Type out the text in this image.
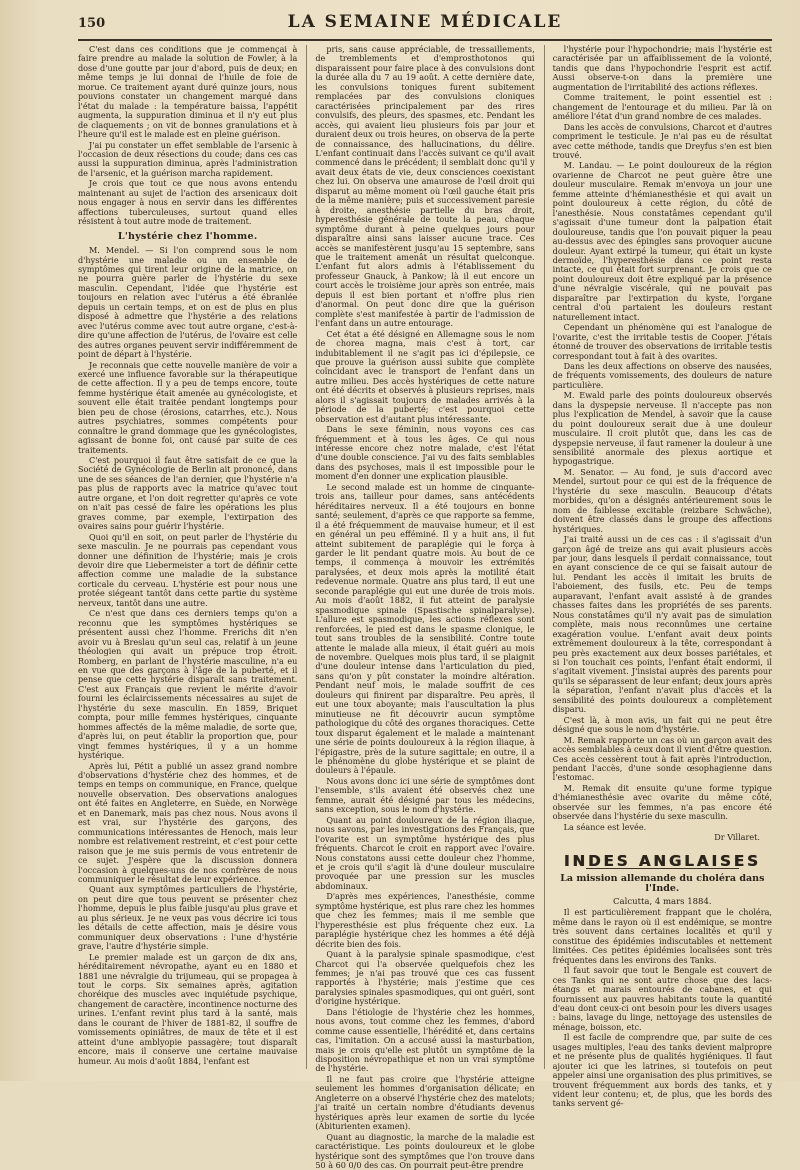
150	LA SEMAINE MÉDICALE

C'est dans ces conditions que je commençai à faire prendre au malade la solution de Fowler, à la dose d'une goutte par jour d'abord, puis de deux; en même temps je lui donnai de l'huile de foie de morue. Ce traitement ayant duré quinze jours, nous pouvions constater un changement marqué dans l'état du malade : la température baissa, l'appétit augmenta, la suppuration diminua et il n'y eut plus de claquements ; on vit de bonnes granulations et à l'heure qu'il est le malade est en pleine guérison.

J'ai pu constater un effet semblable de l'arsenic à l'occasion de deux résections du coude; dans ces cas aussi la suppuration diminua, après l'administration de l'arsenic, et la guérison marcha rapidement.

Je crois que tout ce que nous avons entendu maintenant au sujet de l'action des arsenicaux doit nous engager à nous en servir dans les différentes affections tuberculeuses, surtout quand elles résistent à tout autre mode de traitement.

L'hystérie chez l'homme.

M. Mendel. — Si l'on comprend sous le nom d'hystérie une maladie ou un ensemble de symptômes qui tirent leur origine de la matrice, on ne pourra guère parler de l'hystérie du sexe masculin. Cependant, l'idée que l'hystérie est toujours en relation avec l'utérus a été ébranlée depuis un certain temps, et on est de plus en plus disposé à admettre que l'hystérie a des relations avec l'utérus comme avec tout autre organe, c'est-à-dire qu'une affection de l'utérus, de l'ovaire est celle des autres organes peuvent servir indifféremment de point de départ à l'hystérie.

Je reconnais que cette nouvelle manière de voir a exercé une influence favorable sur la thérapeutique de cette affection. Il y a peu de temps encore, toute femme hystérique était amenée au gynécologiste, et souvent elle était traitée pendant longtemps pour bien peu de chose (érosions, catarrhes, etc.). Nous autres psychiatres, sommes compétents pour connaître le grand dommage que les gynécologistes, agissant de bonne foi, ont causé par suite de ces traitements.

C'est pourquoi il faut être satisfait de ce que la Société de Gynécologie de Berlin ait prononcé, dans une de ses séances de l'an dernier, que l'hystérie n'a pas plus de rapports avec la matrice qu'avec tout autre organe, et l'on doit regretter qu'après ce vote on n'ait pas cessé de faire les opérations les plus graves comme, par exemple, l'extirpation des ovaires sains pour guérir l'hystérie.

Quoi qu'il en soit, on peut parler de l'hystérie du sexe masculin. Je ne pourrais pas cependant vous donner une définition de l'hystérie; mais je crois devoir dire que Liebermeister a tort de définir cette affection comme une maladie de la substance corticale du cerveau. L'hystérie est pour nous une protée siégeant tantôt dans cette partie du système nerveux, tantôt dans une autre.

Ce n'est que dans ces derniers temps qu'on a reconnu que les symptômes hystériques se présentent aussi chez l'homme. Frerichs dit n'en avoir vu à Breslau qu'un seul cas, relatif à un jeune théologien qui avait un prépuce trop étroit. Romberg, en parlant de l'hystérie masculine, n'a eu en vue que des garçons à l'âge de la puberté, et il pense que cette hystérie disparaît sans traitement. C'est aux Français que revient le mérite d'avoir fourni les éclaircissements nécessaires au sujet de l'hystérie du sexe masculin. En 1859, Briquet compta, pour mille femmes hystériques, cinquante hommes affectés de la même maladie, de sorte que, d'après lui, on peut établir la proportion que, pour vingt femmes hystériques, il y a un homme hystérique.

Après lui, Pétit a publié un assez grand nombre d'observations d'hystérie chez des hommes, et de temps en temps on communique, en France, quelque nouvelle observation. Des observations analogues ont été faites en Angleterre, en Suède, en Norwège et en Danemark, mais pas chez nous. Nous avons il est vrai, sur l'hystérie des garçons, des communications intéressantes de Henoch, mais leur nombre est relativement restreint, et c'est pour cette raison que je me suis permis de vous entretenir de ce sujet. J'espère que la discussion donnera l'occasion à quelques-uns de nos confrères de nous communiquer le résultat de leur expérience.

Quant aux symptômes particuliers de l'hystérie, on peut dire que tous peuvent se présenter chez l'homme, depuis le plus faible jusqu'au plus grave et au plus sérieux. Je ne veux pas vous décrire ici tous les détails de cette affection, mais je désire vous communiquer deux observations : l'une d'hystérie grave, l'autre d'hystérie simple.

Le premier malade est un garçon de dix ans, héréditairement névropathe, ayant eu en 1880 et 1881 une névralgie du trijumeau, qui se propagea à tout le corps. Six semaines après, agitation choréique des muscles avec inquiétude psychique, changement de caractère, incontinence nocturne des urines. L'enfant revint plus tard à la santé, mais dans le courant de l'hiver de 1881-82, il souffre de vomissements opiniâtres, de maux de tête et il est atteint d'une amblyopie passagère; tout disparaît encore, mais il conserve une certaine mauvaise humeur. Au mois d'août 1884, l'enfant est

pris, sans cause appréciable, de tressaillements, de tremblements et d'emprosthotonos qui disparaissent pour faire place à des convulsions dont la durée alla du 7 au 19 août. A cette dernière date, les convulsions toniques furent subitement remplacées par des convulsions cloniques caractérisées principalement par des rires convulsifs, des pleurs, des spasmes, etc. Pendant les accès, qui avaient lieu plusieurs fois par jour et duraient deux ou trois heures, on observa de la perte de connaissance, des hallucinations, du délire. L'enfant continuait dans l'accès suivant ce qu'il avait commencé dans le précédent; il semblait donc qu'il y avait deux états de vie, deux consciences coexistant chez lui. On observa une amaurose de l'œil droit qui disparut au même moment où l'œil gauche était pris de la même manière; puis et successivement paresie à droite, anesthésie partielle du bras droit, hyperesthésie générale de toute la peau, chaque symptôme durant à peine quelques jours pour disparaître ainsi sans laisser aucune trace. Ces accès se manifestèrent jusqu'au 15 septembre, sans que le traitement amenât un résultat quelconque. L'enfant fut alors admis à l'établissement du professeur Gnauck, à Pankow; là il eut encore un court accès le troisième jour après son entrée, mais depuis il est bien portant et n'offre plus rien d'anormal. On peut donc dire que la guérison complète s'est manifestée à partir de l'admission de l'enfant dans un autre entourage.

Cet état a été désigné en Allemagne sous le nom de chorea magna, mais c'est à tort, car indubitablement il ne s'agit pas ici d'épilepsie, ce que prouve la guérison aussi subite que complète coïncidant avec le transport de l'enfant dans un autre milieu. Des accès hystériques de cette nature ont été décrits et observés à plusieurs reprises, mais alors il s'agissait toujours de malades arrivés à la période de la puberté; c'est pourquoi cette observation est d'autant plus intéressante.

Dans le sexe féminin, nous voyons ces cas fréquemment et à tous les âges. Ce qui nous intéresse encore chez notre malade, c'est l'état d'une double conscience. J'ai vu des faits semblables dans des psychoses, mais il est impossible pour le moment d'en donner une explication plausible.

Le second malade est un homme de cinquante-trois ans, tailleur pour dames, sans antécédents héréditaires nerveux. Il a été toujours en bonne santé; seulement, d'après ce que rapporte sa femme, il a été fréquemment de mauvaise humeur, et il est en général un peu efféminé. Il y a huit ans, il fut atteint subitement de paraplégie qui le força à garder le lit pendant quatre mois. Au bout de ce temps, il commença à mouvoir les extrémités paralysées, et deux mois après la motilité était redevenue normale. Quatre ans plus tard, il eut une seconde paraplégie qui eut une durée de trois mois. Au mois d'août 1882, il fut atteint de paralysie spasmodique spinale (Spastische spinalparalyse). L'allure est spasmodique, les actions réflexes sont renforcées, le pied est dans le spasme clonique, le tout sans troubles de la sensibilité. Contre toute attente le malade alla mieux, il était guéri au mois de novembre. Quelques mois plus tard, il se plaignit d'une douleur intense dans l'articulation du pied, sans qu'on y pût constater la moindre altération. Pendant neuf mois, le malade souffrit de ces douleurs qui finirent par disparaître. Peu après, il eut une toux aboyante; mais l'auscultation la plus minutieuse ne fit découvrir aucun symptôme pathologique du côté des organes thoraciques. Cette toux disparut également et le malade a maintenant une série de points douloureux à la région iliaque, à l'épigastre, près de la suture sagittale; en outre, il a le phénomène du globe hystérique et se plaint de douleurs à l'épaule.

Nous avons donc ici une série de symptômes dont l'ensemble, s'ils avaient été observés chez une femme, aurait été désigné par tous les médecins, sans exception, sous le nom d'hystérie.

Quant au point douloureux de la région iliaque, nous savons, par les investigations des Français, que l'ovarite est un symptôme hystérique des plus fréquents. Charcot le croit en rapport avec l'ovaire. Nous constatons aussi cette douleur chez l'homme, et je crois qu'il s'agit là d'une douleur musculaire provoquée par une pression sur les muscles abdominaux.

D'après mes expériences, l'anesthésie, comme symptôme hystérique, est plus rare chez les hommes que chez les femmes; mais il me semble que l'hyperesthésie est plus fréquente chez eux. La paraplégie hystérique chez les hommes a été déjà décrite bien des fois.

Quant à la paralysie spinale spasmodique, c'est Charcot qui l'a observée quelquefois chez les femmes; je n'ai pas trouvé que ces cas fussent rapportés à l'hystérie; mais j'estime que ces paralysies spinales spasmodiques, qui ont guéri, sont d'origine hystérique.

Dans l'étiologie de l'hystérie chez les hommes, nous avons, tout comme chez les femmes, d'abord comme cause essentielle, l'hérédité et, dans certains cas, l'imitation. On a accusé aussi la masturbation, mais je crois qu'elle est plutôt un symptôme de la disposition névropathique et non un vrai symptôme de l'hystérie.

Il ne faut pas croire que l'hystérie atteigne seulement les hommes d'organisation délicate; en Angleterre on a observé l'hystérie chez des matelots; j'ai traité un certain nombre d'étudiants devenus hystériques après leur examen de sortie du lycée (Abiturienten examen).

Quant au diagnostic, la marche de la maladie est caractéristique. Les points douloureux et le globe hystérique sont des symptômes que l'on trouve dans 50 à 60 0/0 des cas. On pourrait peut-être prendre

l'hystérie pour l'hypochondrie; mais l'hystérie est caractérisée par un affaiblissement de la volonté, tandis que dans l'hypochondrie l'esprit est actif. Aussi observe-t-on dans la première une augmentation de l'irritabilité des actions réflexes.

Comme traitement, le point essentiel est : changement de l'entourage et du milieu. Par là on améliore l'état d'un grand nombre de ces malades.

Dans les accès de convulsions, Charcot et d'autres compriment le testicule. Je n'ai pas eu de résultat avec cette méthode, tandis que Dreyfus s'en est bien trouvé.

M. Landau. — Le point douloureux de la région ovarienne de Charcot ne peut guère être une douleur musculaire. Remak m'envoya un jour une femme atteinte d'hémianesthésie et qui avait un point douloureux à cette région, du côté de l'anesthésie. Nous constatâmes cependant qu'il s'agissait d'une tumeur dont la palpation était douloureuse, tandis que l'on pouvait piquer la peau au-dessus avec des épingles sans provoquer aucune douleur. Ayant extirpé la tumeur, qui était un kyste dermoïde, l'hyperesthésie dans ce point resta intacte, ce qui était fort surprenant. Je crois que ce point douloureux doit être expliqué par la présence d'une névralgie viscérale, qui ne pouvait pas disparaître par l'extirpation du kyste, l'organe central d'où partaient les douleurs restant naturellement intact.

Cependant un phénomène qui est l'analogue de l'ovarite, c'est the irritable testis de Cooper. J'étais étonné de trouver des observations de irritable testis correspondant tout à fait à des ovarites.

Dans les deux affections on observe des nausées, de fréquents vomissements, des douleurs de nature particulière.

M. Ewald parle des points douloureux observés dans la dyspepsie nerveuse. Il n'accepte pas non plus l'explication de Mendel, à savoir que la cause du point douloureux serait due à une douleur musculaire. Il croit plutôt que, dans les cas de dyspepsie nerveuse, il faut ramener la douleur à une sensibilité anormale des plexus aortique et hypogastrique.

M. Senator. — Au fond, je suis d'accord avec Mendel, surtout pour ce qui est de la fréquence de l'hystérie du sexe masculin. Beaucoup d'états morbides, qu'on a désignés antérieurement sous le nom de faiblesse excitable (reizbare Schwäche), doivent être classés dans le groupe des affections hystériques.

J'ai traité aussi un de ces cas : il s'agissait d'un garçon âgé de treize ans qui avait plusieurs accès par jour, dans lesquels il perdait connaissance, tout en ayant conscience de ce qui se faisait autour de lui. Pendant les accès il imitait les bruits de l'aboiement, des fusils, etc. Peu de temps auparavant, l'enfant avait assisté à de grandes chasses faites dans les propriétés de ses parents. Nous constatâmes qu'il n'y avait pas de simulation complète, mais nous reconnûmes une certaine exagération voulue. L'enfant avait deux points extrêmement douloureux à la tête, correspondant à peu près exactement aux deux bosses pariétales, et si l'on touchait ces points, l'enfant était endormi, il s'agitait vivement. J'insistai auprès des parents pour qu'ils se séparassent de leur enfant; deux jours après la séparation, l'enfant n'avait plus d'accès et la sensibilité des points douloureux a complètement disparu.

C'est là, à mon avis, un fait qui ne peut être désigné que sous le nom d'hystérie.

M. Remak rapporte un cas où un garçon avait des accès semblables à ceux dont il vient d'être question. Ces accès cessèrent tout à fait après l'introduction, pendant l'accès, d'une sonde œsophagienne dans l'estomac.

M. Remak dit ensuite qu'une forme typique d'hémianesthésie avec ovarite du même côté, observée sur les femmes, n'a pas encore été observée dans l'hystérie du sexe masculin.

La séance est levée.

Dr Villaret.

INDES ANGLAISES
La mission allemande du choléra dans l'Inde.

Calcutta, 4 mars 1884.

Il est particulièrement frappant que le choléra, même dans le rayon où il est endémique, se montre très souvent dans certaines localités et qu'il y constitue des épidémies indiscutables et nettement limitées. Ces petites épidémies localisées sont très fréquentes dans les environs des Tanks.

Il faut savoir que tout le Bengale est couvert de ces Tanks qui ne sont autre chose que des lacs-étangs et marais entourés de cabanes, et qui fournissent aux pauvres habitants toute la quantité d'eau dont ceux-ci ont besoin pour les divers usages : bains, lavage du linge, nettoyage des ustensiles de ménage, boisson, etc.

Il est facile de comprendre que, par suite de ces usages multiples, l'eau des tanks devient malpropre et ne présente plus de qualités hygiéniques. Il faut ajouter ici que les latrines, si toutefois on peut appeler ainsi une organisation des plus primitives, se trouvent fréquemment aux bords des tanks, et y vident leur contenu; et, de plus, que les bords des tanks servent gé-
